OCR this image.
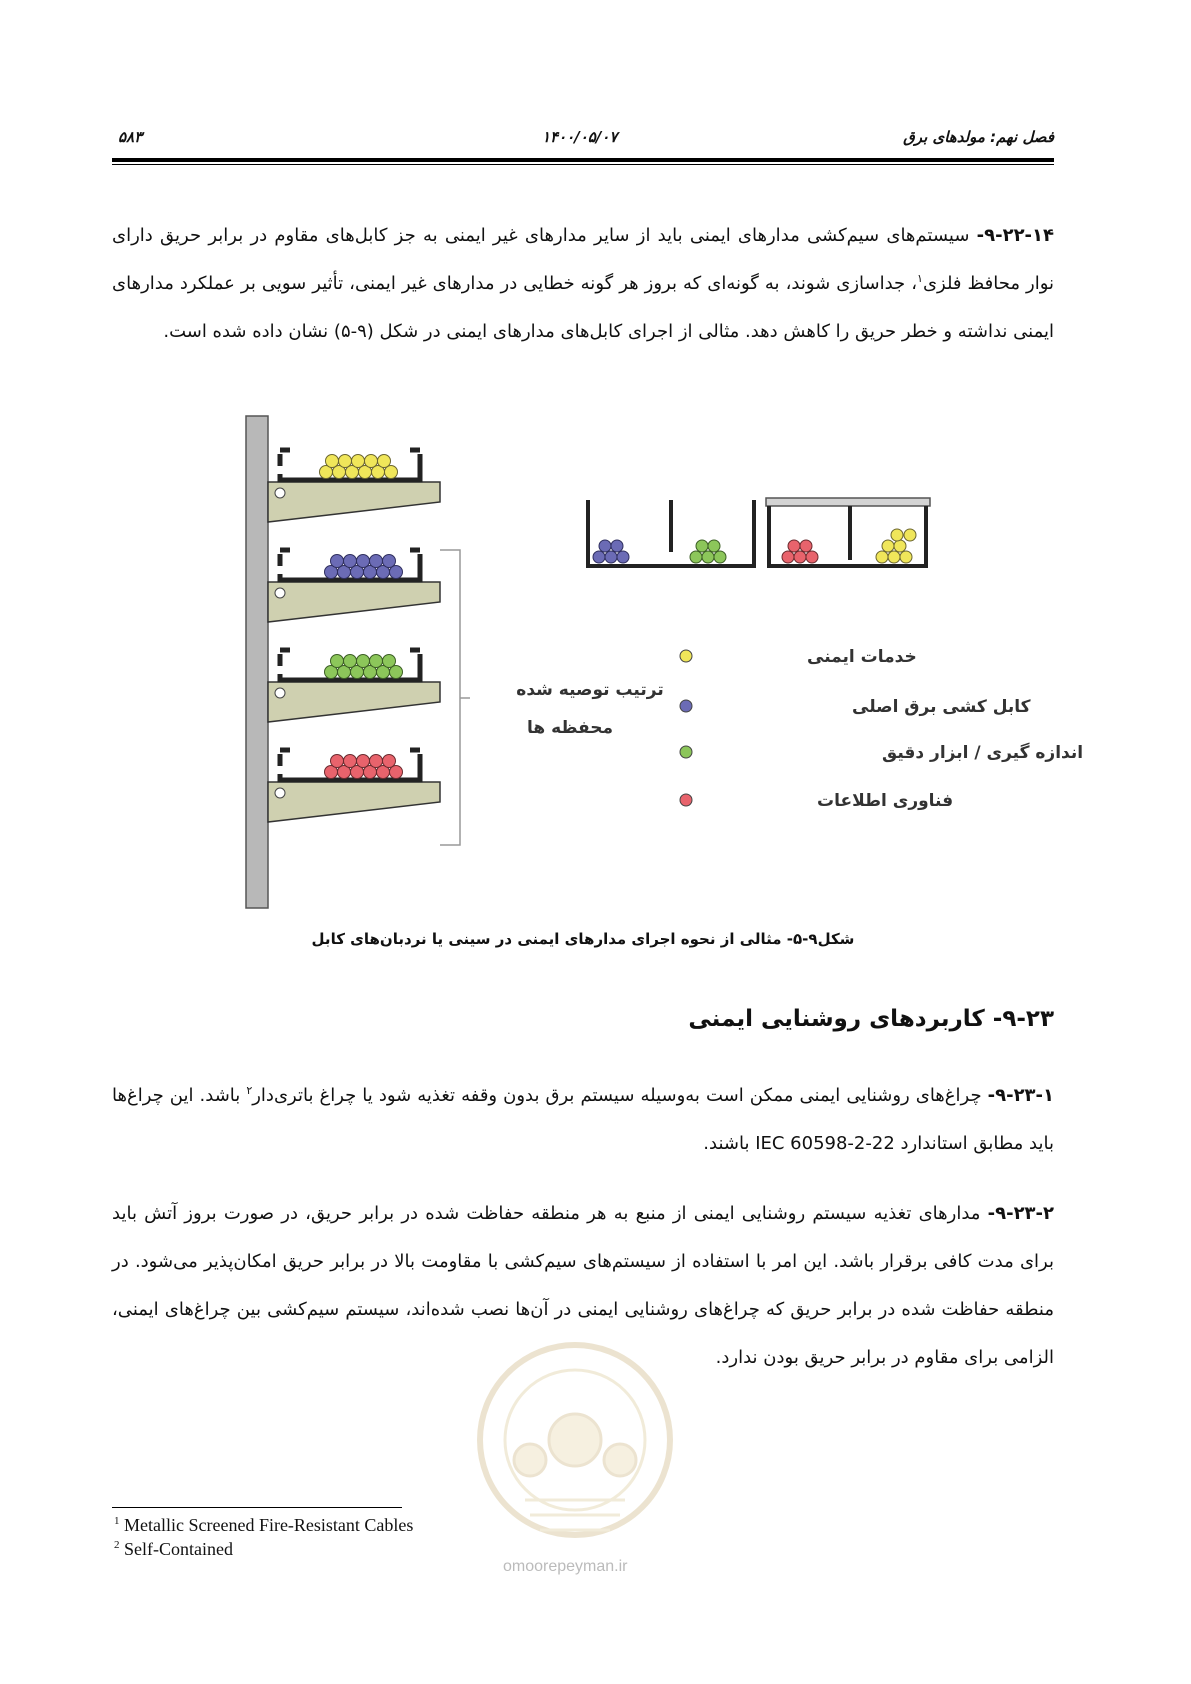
فصل نهم: مولدهای برق
۱۴۰۰/۰۵/۰۷
۵۸۳
۹-۲۲-۱۴- سیستم‌های سیم‌کشی مدارهای ایمنی باید از سایر مدارهای غیر ایمنی به جز کابل‌های مقاوم در برابر حریق دارای نوار محافظ فلزی$^۱$، جداسازی شوند، به گونه‌ای که بروز هر گونه خطایی در مدارهای غیر ایمنی، تأثیر سویی بر عملکرد مدارهای ایمنی نداشته و خطر حریق را کاهش دهد. مثالی از اجرای کابل‌های مدارهای ایمنی در شکل (۹-۵) نشان داده شده است.
ترتیب توصیه شده
محفظه ها
خدمات ایمنی
کابل کشی برق اصلی
اندازه گیری / ابزار دقیق
فناوری اطلاعات
شکل۹-۵- مثالی از نحوه اجرای مدارهای ایمنی در سینی یا نردبان‌های کابل
۹-۲۳- کاربردهای روشنایی ایمنی
۹-۲۳-۱- چراغ‌های روشنایی ایمنی ممکن است به‌وسیله سیستم برق بدون وقفه تغذیه شود یا چراغ باتری‌دار$^۲$ باشد. این چراغ‌ها باید مطابق استاندارد IEC 60598-2-22 باشند.
۹-۲۳-۲- مدارهای تغذیه سیستم روشنایی ایمنی از منبع به هر منطقه حفاظت شده در برابر حریق، در صورت بروز آتش باید برای مدت کافی برقرار باشد. این امر با استفاده از سیستم‌های سیم‌کشی با مقاومت بالا در برابر حریق امکان‌پذیر می‌شود. در منطقه حفاظت شده در برابر حریق که چراغ‌های روشنایی ایمنی در آن‌ها نصب شده‌اند، سیستم سیم‌کشی بین چراغ‌های ایمنی، الزامی برای مقاوم در برابر حریق بودن ندارد.
omoorepeyman.ir
$^1$ Metallic Screened Fire-Resistant Cables
$^2$ Self-Contained
